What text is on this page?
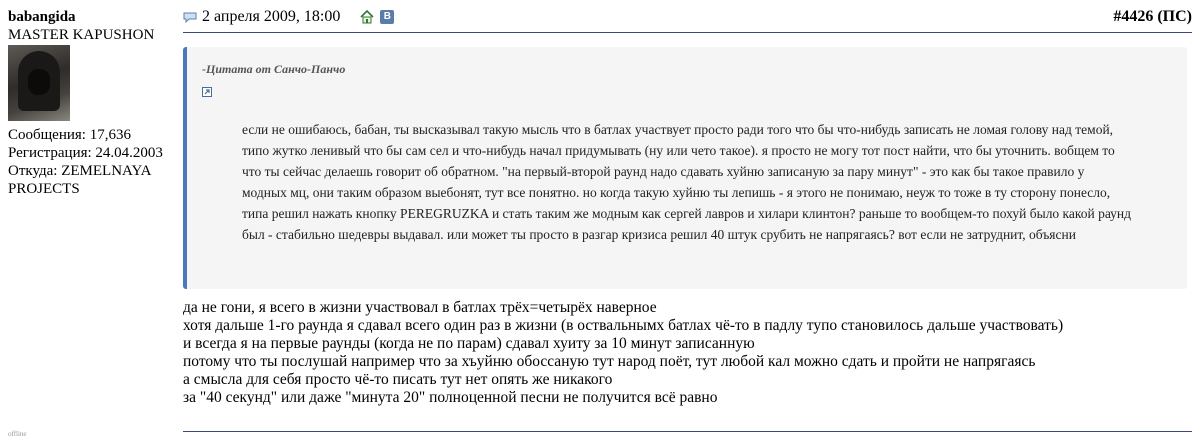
babangida
MASTER KAPUSHON
Сообщения: 17,636
Регистрация: 24.04.2003
Откуда: ZEMELNAYA
PROJECTS
offline
2 апреля 2009, 18:00	В	#4426 (ПС)
-Цитата от Санчо-Панчо
если не ошибаюсь, бабан, ты высказывал такую мысль что в батлах участвует просто ради того что бы что-нибудь записать не ломая голову над темой, типо жутко ленивый что бы сам сел и что-нибудь начал придумывать (ну или чето такое). я просто не могу тот пост найти, что бы уточнить. вобщем то что ты сейчас делаешь говорит об обратном. "на первый-второй раунд надо сдавать хуйню записаную за пару минут" - это как бы такое правило у модных мц, они таким образом выебонят, тут все понятно. но когда такую хуйню ты лепишь - я этого не понимаю, неуж то тоже в ту сторону понесло, типа решил нажать кнопку PEREGRUZKA и стать таким же модным как сергей лавров и хилари клинтон? раньше то вообщем-то похуй было какой раунд был - стабильно шедевры выдавал. или может ты просто в разгар кризиса решил 40 штук срубить не напрягаясь? вот если не затруднит, объясни
да не гони, я всего в жизни участвовал в батлах трёх=четырёх наверное
хотя дальше 1-го раунда я сдавал всего один раз в жизни (в оствальнымх батлах чё-то в падлу тупо становилось дальше участвовать)
и всегда я на первые раунды (когда не по парам) сдавал хуиту за 10 минут записанную
потому что ты послушай например что за хъуйню обоссаную тут народ поёт, тут любой кал можно сдать и пройти не напрягаясь
а смысла для себя просто чё-то писать тут нет опять же никакого
за "40 секунд" или даже "минута 20" полноценной песни не получится всё равно
